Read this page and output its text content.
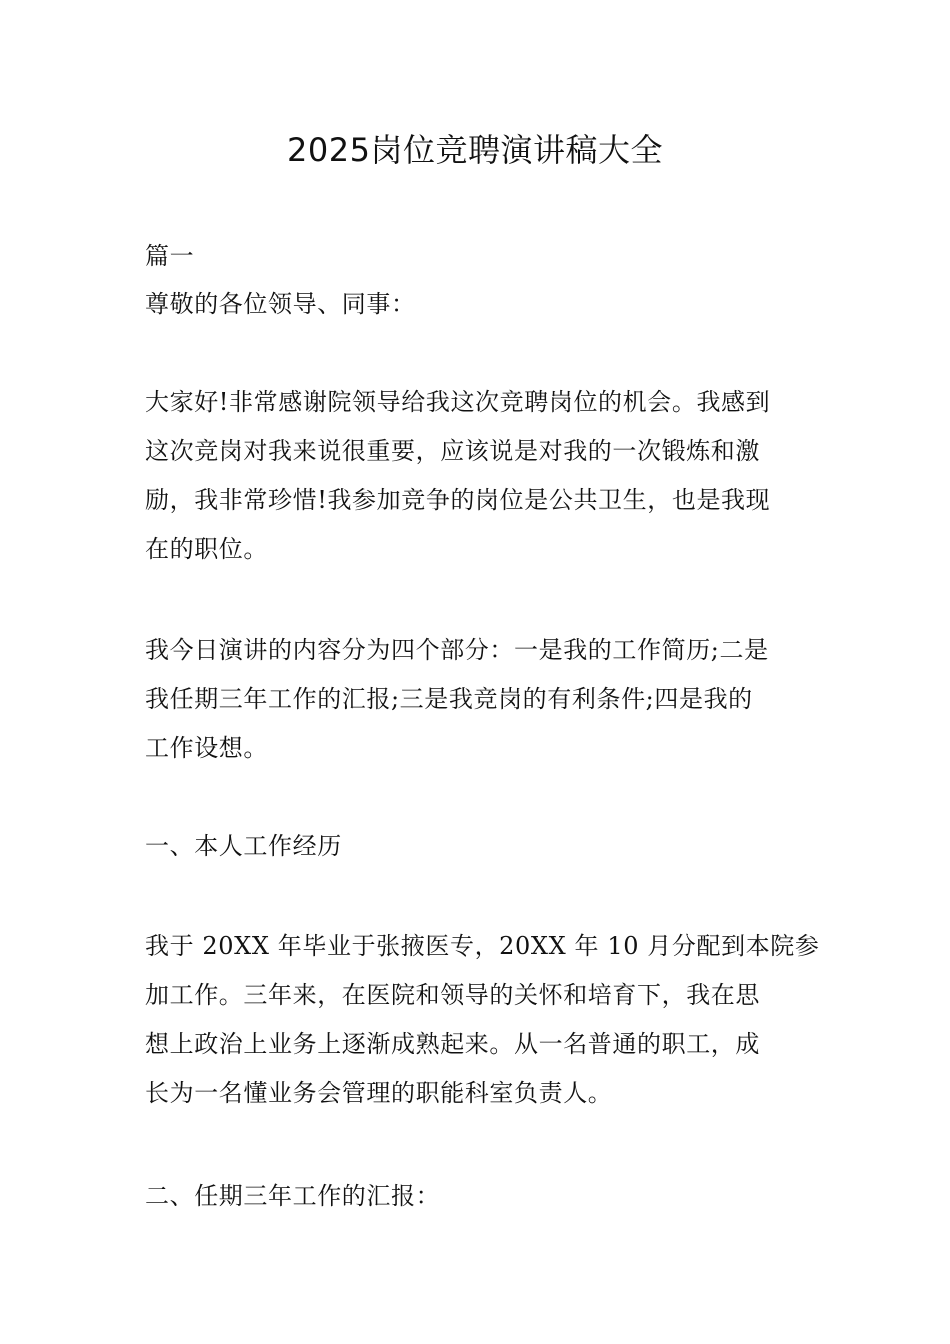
2025岗位竞聘演讲稿大全

篇一

尊敬的各位领导、同事：

大家好!非常感谢院领导给我这次竞聘岗位的机会。我感到
这次竞岗对我来说很重要，应该说是对我的一次锻炼和激
励，我非常珍惜!我参加竞争的岗位是公共卫生，也是我现
在的职位。

我今日演讲的内容分为四个部分：一是我的工作简历;二是
我任期三年工作的汇报;三是我竞岗的有利条件;四是我的
工作设想。

一、本人工作经历

我于 20XX 年毕业于张掖医专，20XX 年 10 月分配到本院参
加工作。三年来，在医院和领导的关怀和培育下，我在思
想上政治上业务上逐渐成熟起来。从一名普通的职工，成
长为一名懂业务会管理的职能科室负责人。

二、任期三年工作的汇报：
